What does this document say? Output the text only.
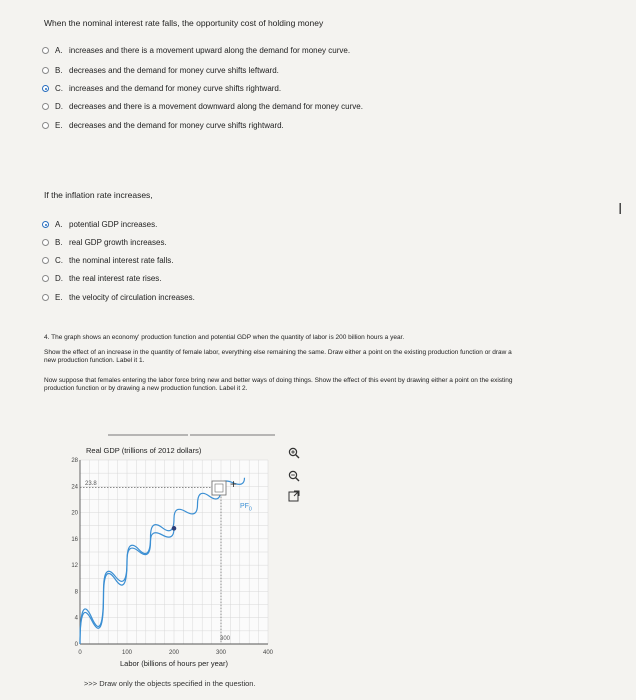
When the nominal interest rate falls, the opportunity cost of holding money
A. increases and there is a movement upward along the demand for money curve.
B. decreases and the demand for money curve shifts leftward.
C. increases and the demand for money curve shifts rightward.
D. decreases and there is a movement downward along the demand for money curve.
E. decreases and the demand for money curve shifts rightward.
If the inflation rate increases,
A. potential GDP increases.
B. real GDP growth increases.
C. the nominal interest rate falls.
D. the real interest rate rises.
E. the velocity of circulation increases.
4. The graph shows an economy' production function and potential GDP when the quantity of labor is 200 billion hours a year.
Show the effect of an increase in the quantity of female labor, everything else remaining the same. Draw either a point on the existing production function or draw a
new production function. Label it 1.
Now suppose that females entering the labor force bring new and better ways of doing things. Show the effect of this event by drawing either a point on the existing
production function or by drawing a new production function. Label it 2.
0
4
8
12
16
20
24
28
0	100	200	300	400
+
Real GDP (trillions of 2012 dollars)
Labor (billions of hours per year)
23.8
300
$PF_0$
>>> Draw only the objects specified in the question.
I
